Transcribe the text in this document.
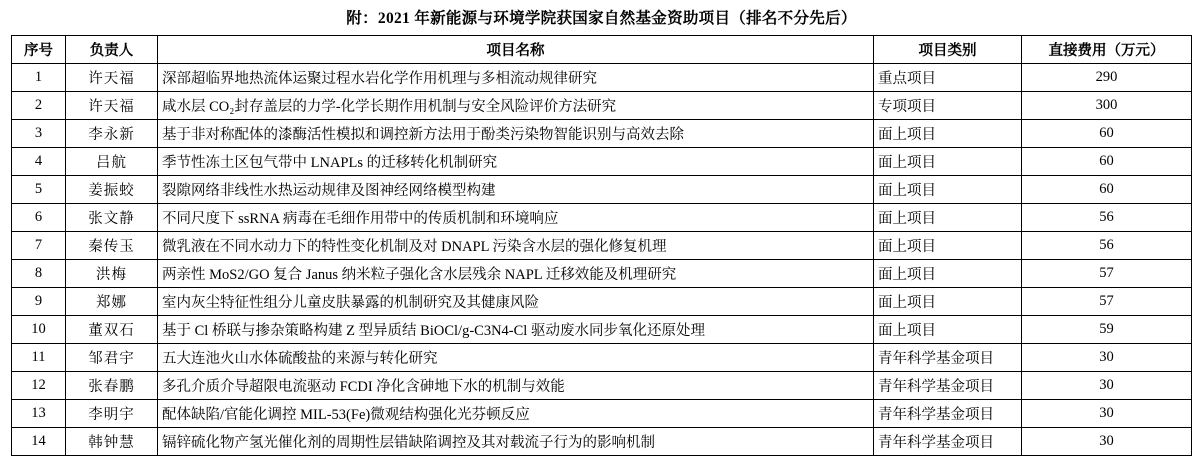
附：2021 年新能源与环境学院获国家自然基金资助项目（排名不分先后）
序号	负责人	项目名称	项目类别	直接费用（万元）
1	许天福	深部超临界地热流体运聚过程水岩化学作用机理与多相流动规律研究	重点项目	290
2	许天福	咸水层 CO₂封存盖层的力学-化学长期作用机制与安全风险评价方法研究	专项项目	300
3	李永新	基于非对称配体的漆酶活性模拟和调控新方法用于酚类污染物智能识别与高效去除	面上项目	60
4	吕航	季节性冻土区包气带中 LNAPLs 的迁移转化机制研究	面上项目	60
5	姜振蛟	裂隙网络非线性水热运动规律及图神经网络模型构建	面上项目	60
6	张文静	不同尺度下 ssRNA 病毒在毛细作用带中的传质机制和环境响应	面上项目	56
7	秦传玉	微乳液在不同水动力下的特性变化机制及对 DNAPL 污染含水层的强化修复机理	面上项目	56
8	洪梅	两亲性 MoS2/GO 复合 Janus 纳米粒子强化含水层残余 NAPL 迁移效能及机理研究	面上项目	57
9	郑娜	室内灰尘特征性组分儿童皮肤暴露的机制研究及其健康风险	面上项目	57
10	董双石	基于 Cl 桥联与掺杂策略构建 Z 型异质结 BiOCl/g-C3N4-Cl 驱动废水同步氧化还原处理	面上项目	59
11	邹君宇	五大连池火山水体硫酸盐的来源与转化研究	青年科学基金项目	30
12	张春鹏	多孔介质介导超限电流驱动 FCDI 净化含砷地下水的机制与效能	青年科学基金项目	30
13	李明宇	配体缺陷/官能化调控 MIL-53(Fe)微观结构强化光芬顿反应	青年科学基金项目	30
14	韩钟慧	镉锌硫化物产氢光催化剂的周期性层错缺陷调控及其对载流子行为的影响机制	青年科学基金项目	30
